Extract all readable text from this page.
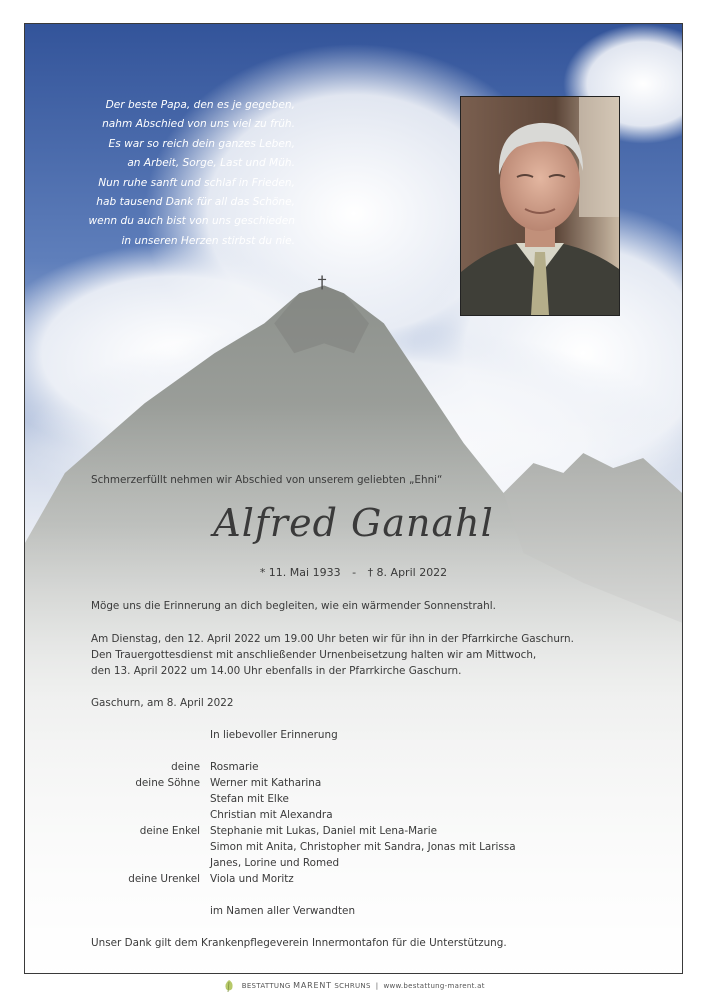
Der beste Papa, den es je gegeben,
nahm Abschied von uns viel zu früh.
Es war so reich dein ganzes Leben,
an Arbeit, Sorge, Last und Müh.
Nun ruhe sanft und schlaf in Frieden,
hab tausend Dank für all das Schöne,
wenn du auch bist von uns geschieden
in unseren Herzen stirbst du nie.
Schmerzerfüllt nehmen wir Abschied von unserem geliebten „Ehni“
Alfred Ganahl
* 11. Mai 1933 - † 8. April 2022
Möge uns die Erinnerung an dich begleiten, wie ein wärmender Sonnenstrahl.
Am Dienstag, den 12. April 2022 um 19.00 Uhr beten wir für ihn in der Pfarrkirche Gaschurn.
Den Trauergottesdienst mit anschließender Urnenbeisetzung halten wir am Mittwoch,
den 13. April 2022 um 14.00 Uhr ebenfalls in der Pfarrkirche Gaschurn.
Gaschurn, am 8. April 2022
In liebevoller Erinnerung
deine Rosmarie
deine Söhne Werner mit Katharina
Stefan mit Elke
Christian mit Alexandra
deine Enkel Stephanie mit Lukas, Daniel mit Lena-Marie
Simon mit Anita, Christopher mit Sandra, Jonas mit Larissa
Janes, Lorine und Romed
deine Urenkel Viola und Moritz
im Namen aller Verwandten
Unser Dank gilt dem Krankenpflegeverein Innermontafon für die Unterstützung.
BESTATTUNG MARENT SCHRUNS  |  www.bestattung-marent.at
